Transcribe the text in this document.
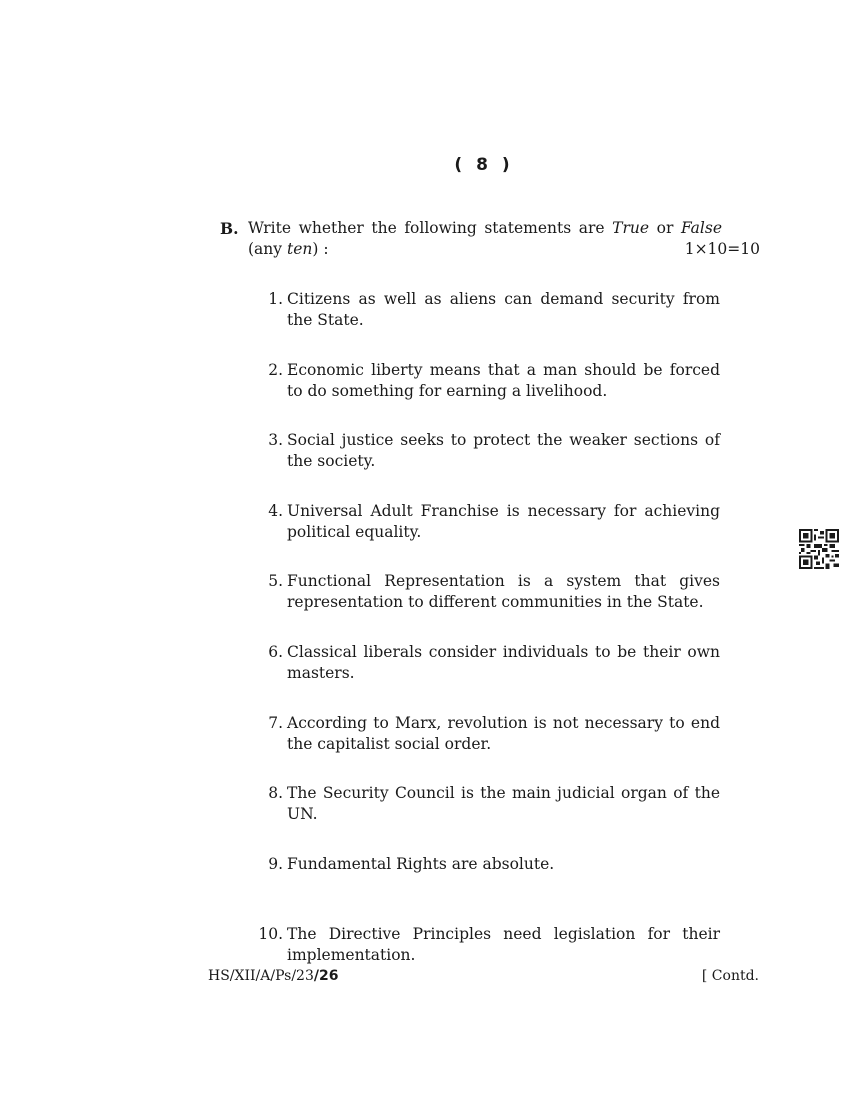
( 8 )
B. Write whether the following statements are True or False
(any ten) :	1×10=10
1. Citizens as well as aliens can demand security from the State.
2. Economic liberty means that a man should be forced to do something for earning a livelihood.
3. Social justice seeks to protect the weaker sections of the society.
4. Universal Adult Franchise is necessary for achieving political equality.
5. Functional Representation is a system that gives representation to different communities in the State.
6. Classical liberals consider individuals to be their own masters.
7. According to Marx, revolution is not necessary to end the capitalist social order.
8. The Security Council is the main judicial organ of the UN.
9. Fundamental Rights are absolute.
10. The Directive Principles need legislation for their implementation.
HS/XII/A/Ps/23/26	[ Contd.
